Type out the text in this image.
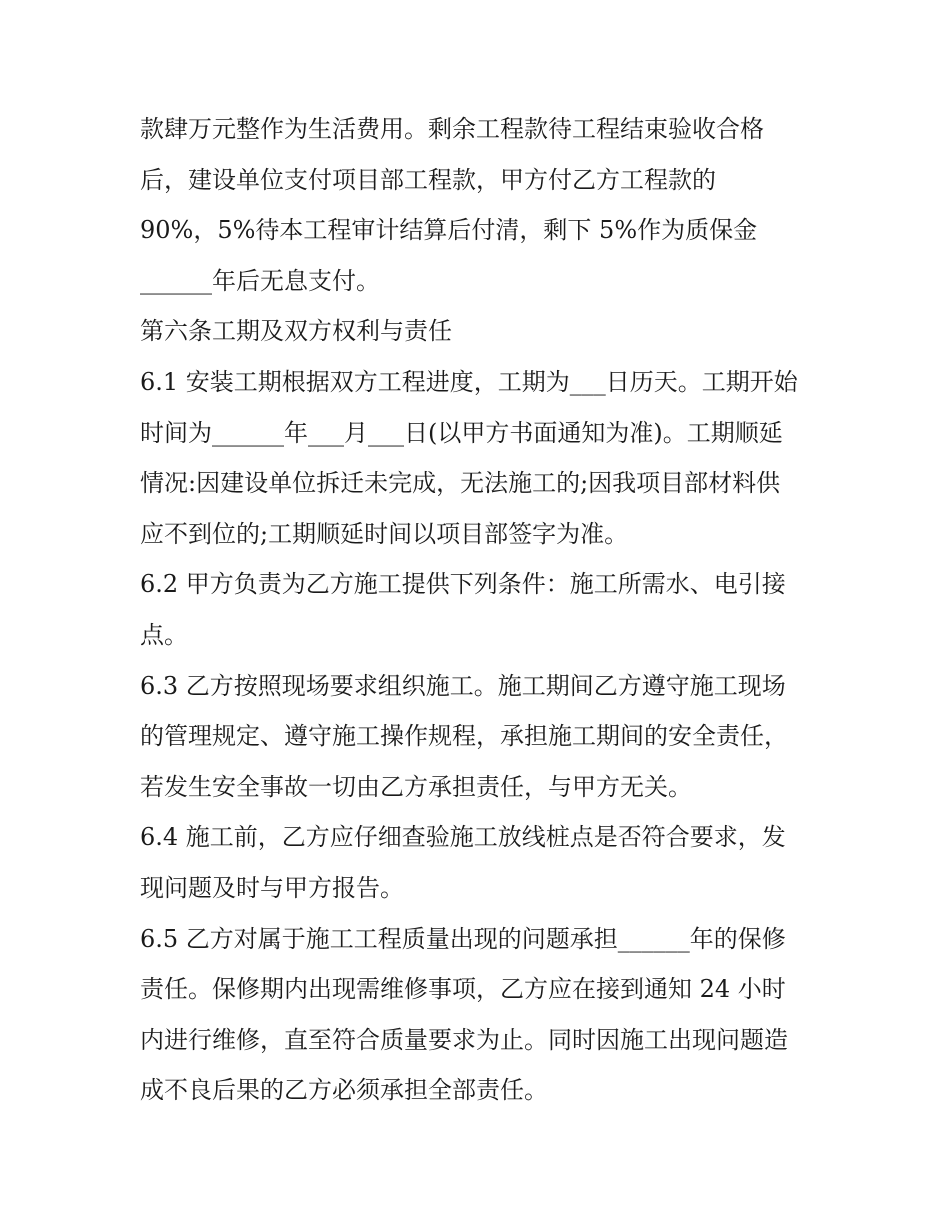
款肆万元整作为生活费用。剩余工程款待工程结束验收合格
后，建设单位支付项目部工程款，甲方付乙方工程款的
90%，5%待本工程审计结算后付清，剩下 5%作为质保金
______年后无息支付。
第六条工期及双方权利与责任
6.1 安装工期根据双方工程进度，工期为___日历天。工期开始
时间为______年___月___日(以甲方书面通知为准)。工期顺延
情况:因建设单位拆迁未完成，无法施工的;因我项目部材料供
应不到位的;工期顺延时间以项目部签字为准。
6.2 甲方负责为乙方施工提供下列条件：施工所需水、电引接
点。
6.3 乙方按照现场要求组织施工。施工期间乙方遵守施工现场
的管理规定、遵守施工操作规程，承担施工期间的安全责任，
若发生安全事故一切由乙方承担责任，与甲方无关。
6.4 施工前，乙方应仔细查验施工放线桩点是否符合要求，发
现问题及时与甲方报告。
6.5 乙方对属于施工工程质量出现的问题承担______年的保修
责任。保修期内出现需维修事项，乙方应在接到通知 24 小时
内进行维修，直至符合质量要求为止。同时因施工出现问题造
成不良后果的乙方必须承担全部责任。
